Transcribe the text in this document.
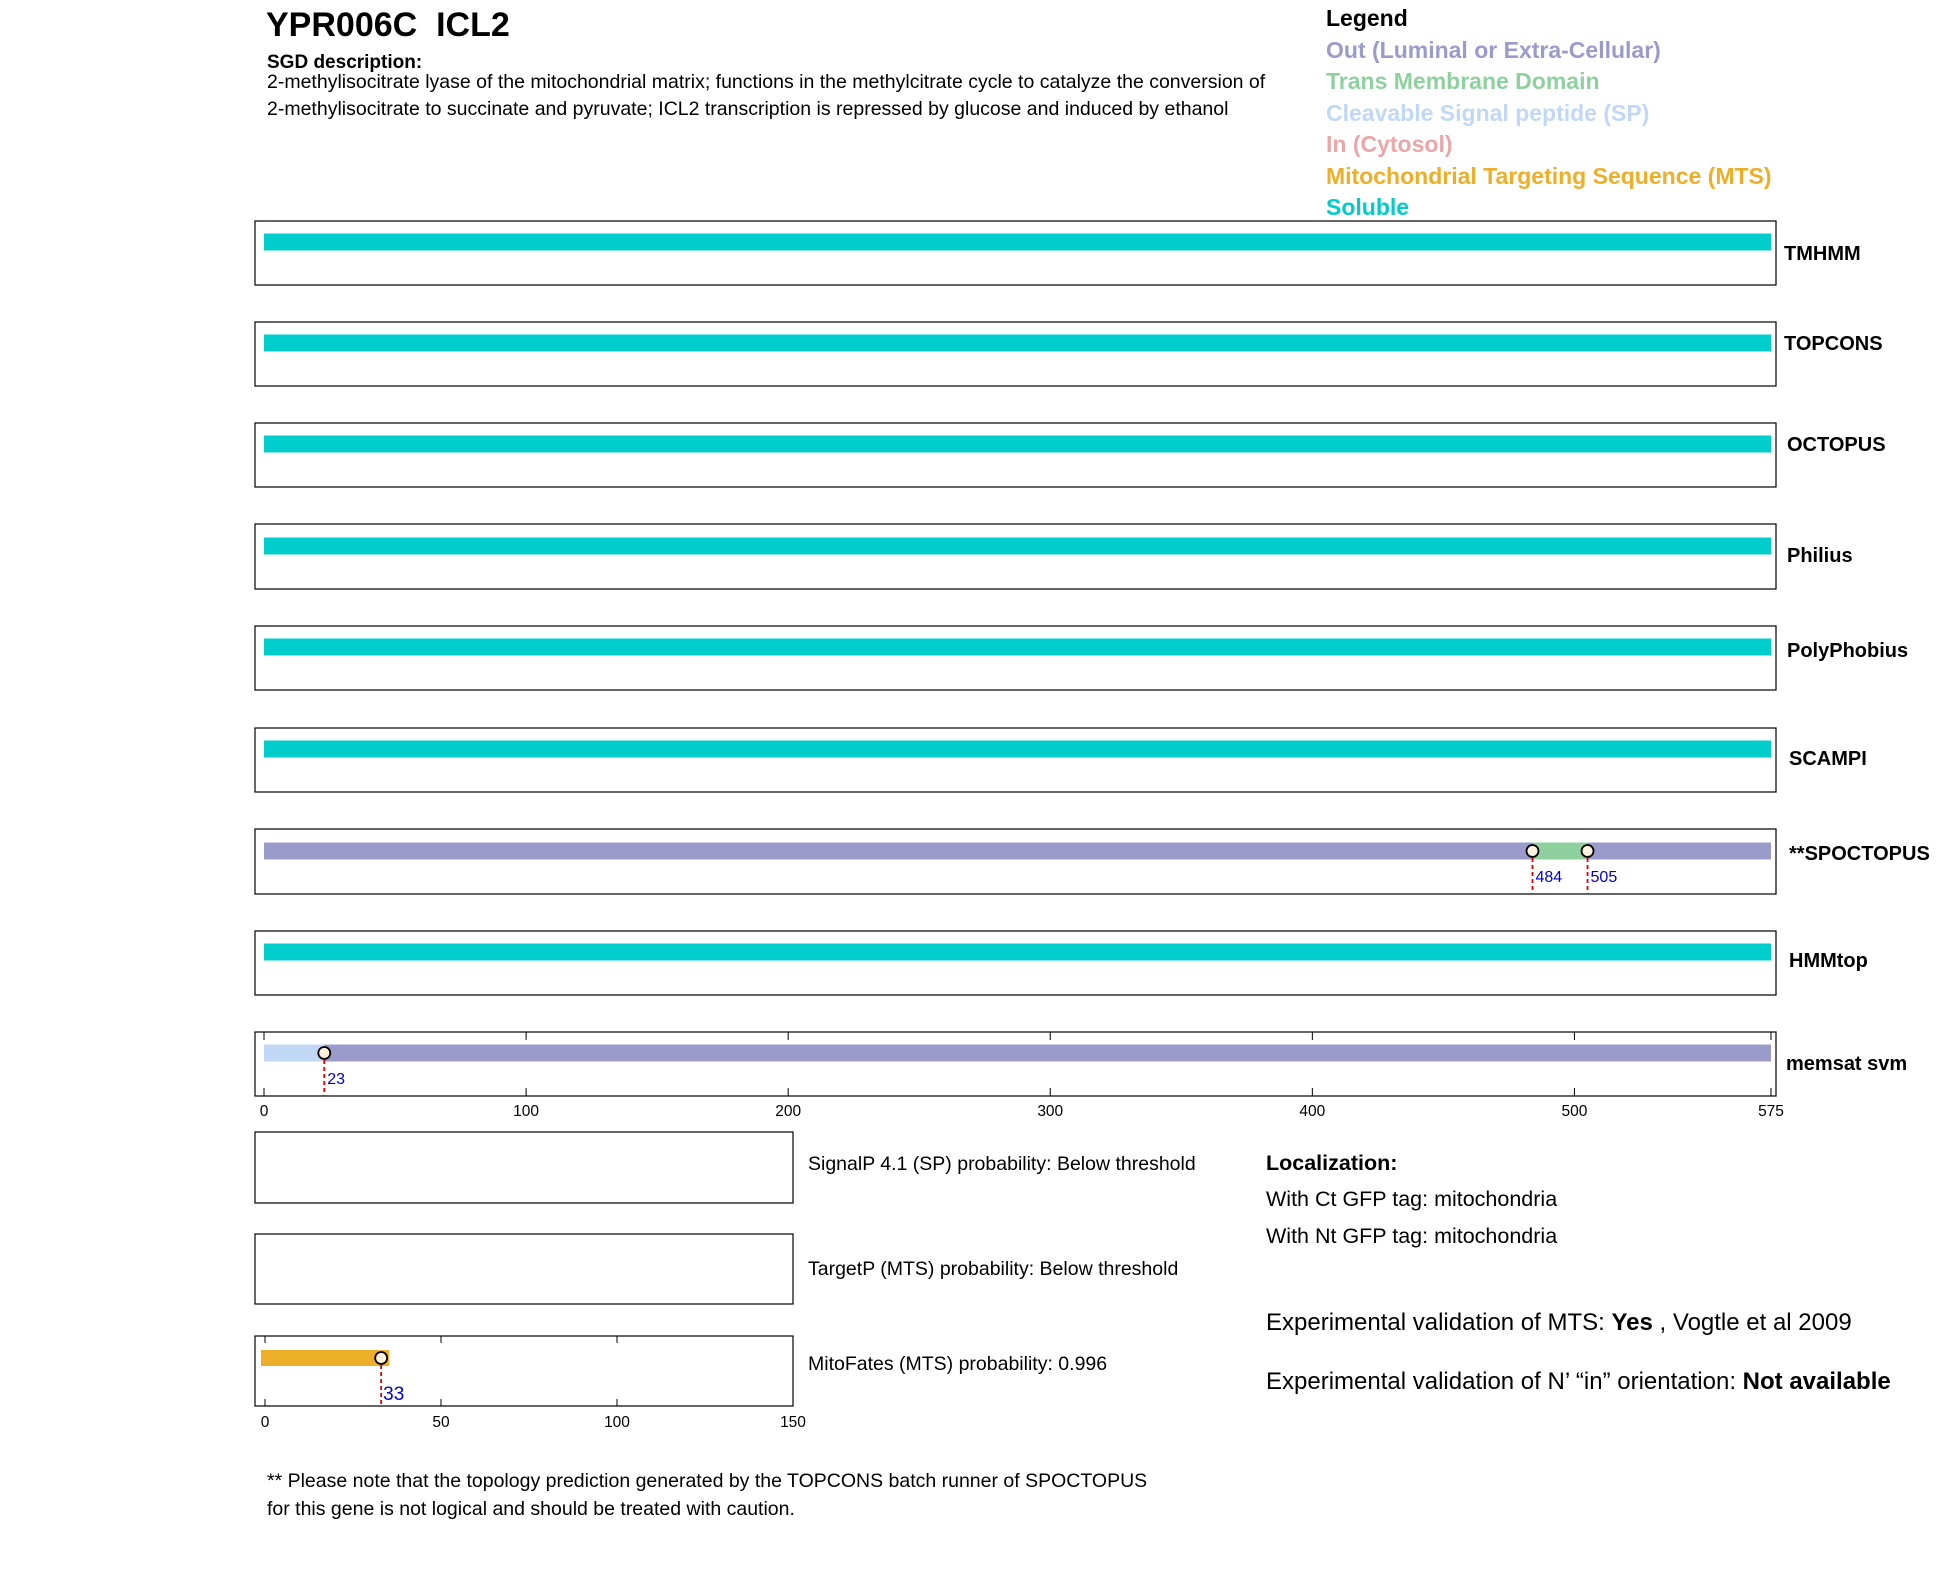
YPR006C ICL2
SGD description:
2-methylisocitrate lyase of the mitochondrial matrix; functions in the methylcitrate cycle to catalyze the conversion of 2-methylisocitrate to succinate and pyruvate; ICL2 transcription is repressed by glucose and induced by ethanol
Legend
Out (Luminal or Extra-Cellular)
Trans Membrane Domain
Cleavable Signal peptide (SP)
In (Cytosol)
Mitochondrial Targeting Sequence (MTS)
Soluble
484 505
23
0	100	200	300	400	500	575
33
0	50	100	150
TMHMM
TOPCONS
OCTOPUS
Philius
PolyPhobius
SCAMPI
**SPOCTOPUS
HMMtop
memsat svm
SignalP 4.1 (SP) probability: Below threshold
TargetP (MTS) probability: Below threshold
MitoFates (MTS) probability: 0.996
Localization:
With Ct GFP tag: mitochondria
With Nt GFP tag: mitochondria
Experimental validation of MTS: Yes , Vogtle et al 2009
Experimental validation of N’ “in” orientation: Not available
** Please note that the topology prediction generated by the TOPCONS batch runner of SPOCTOPUS for this gene is not logical and should be treated with caution.
